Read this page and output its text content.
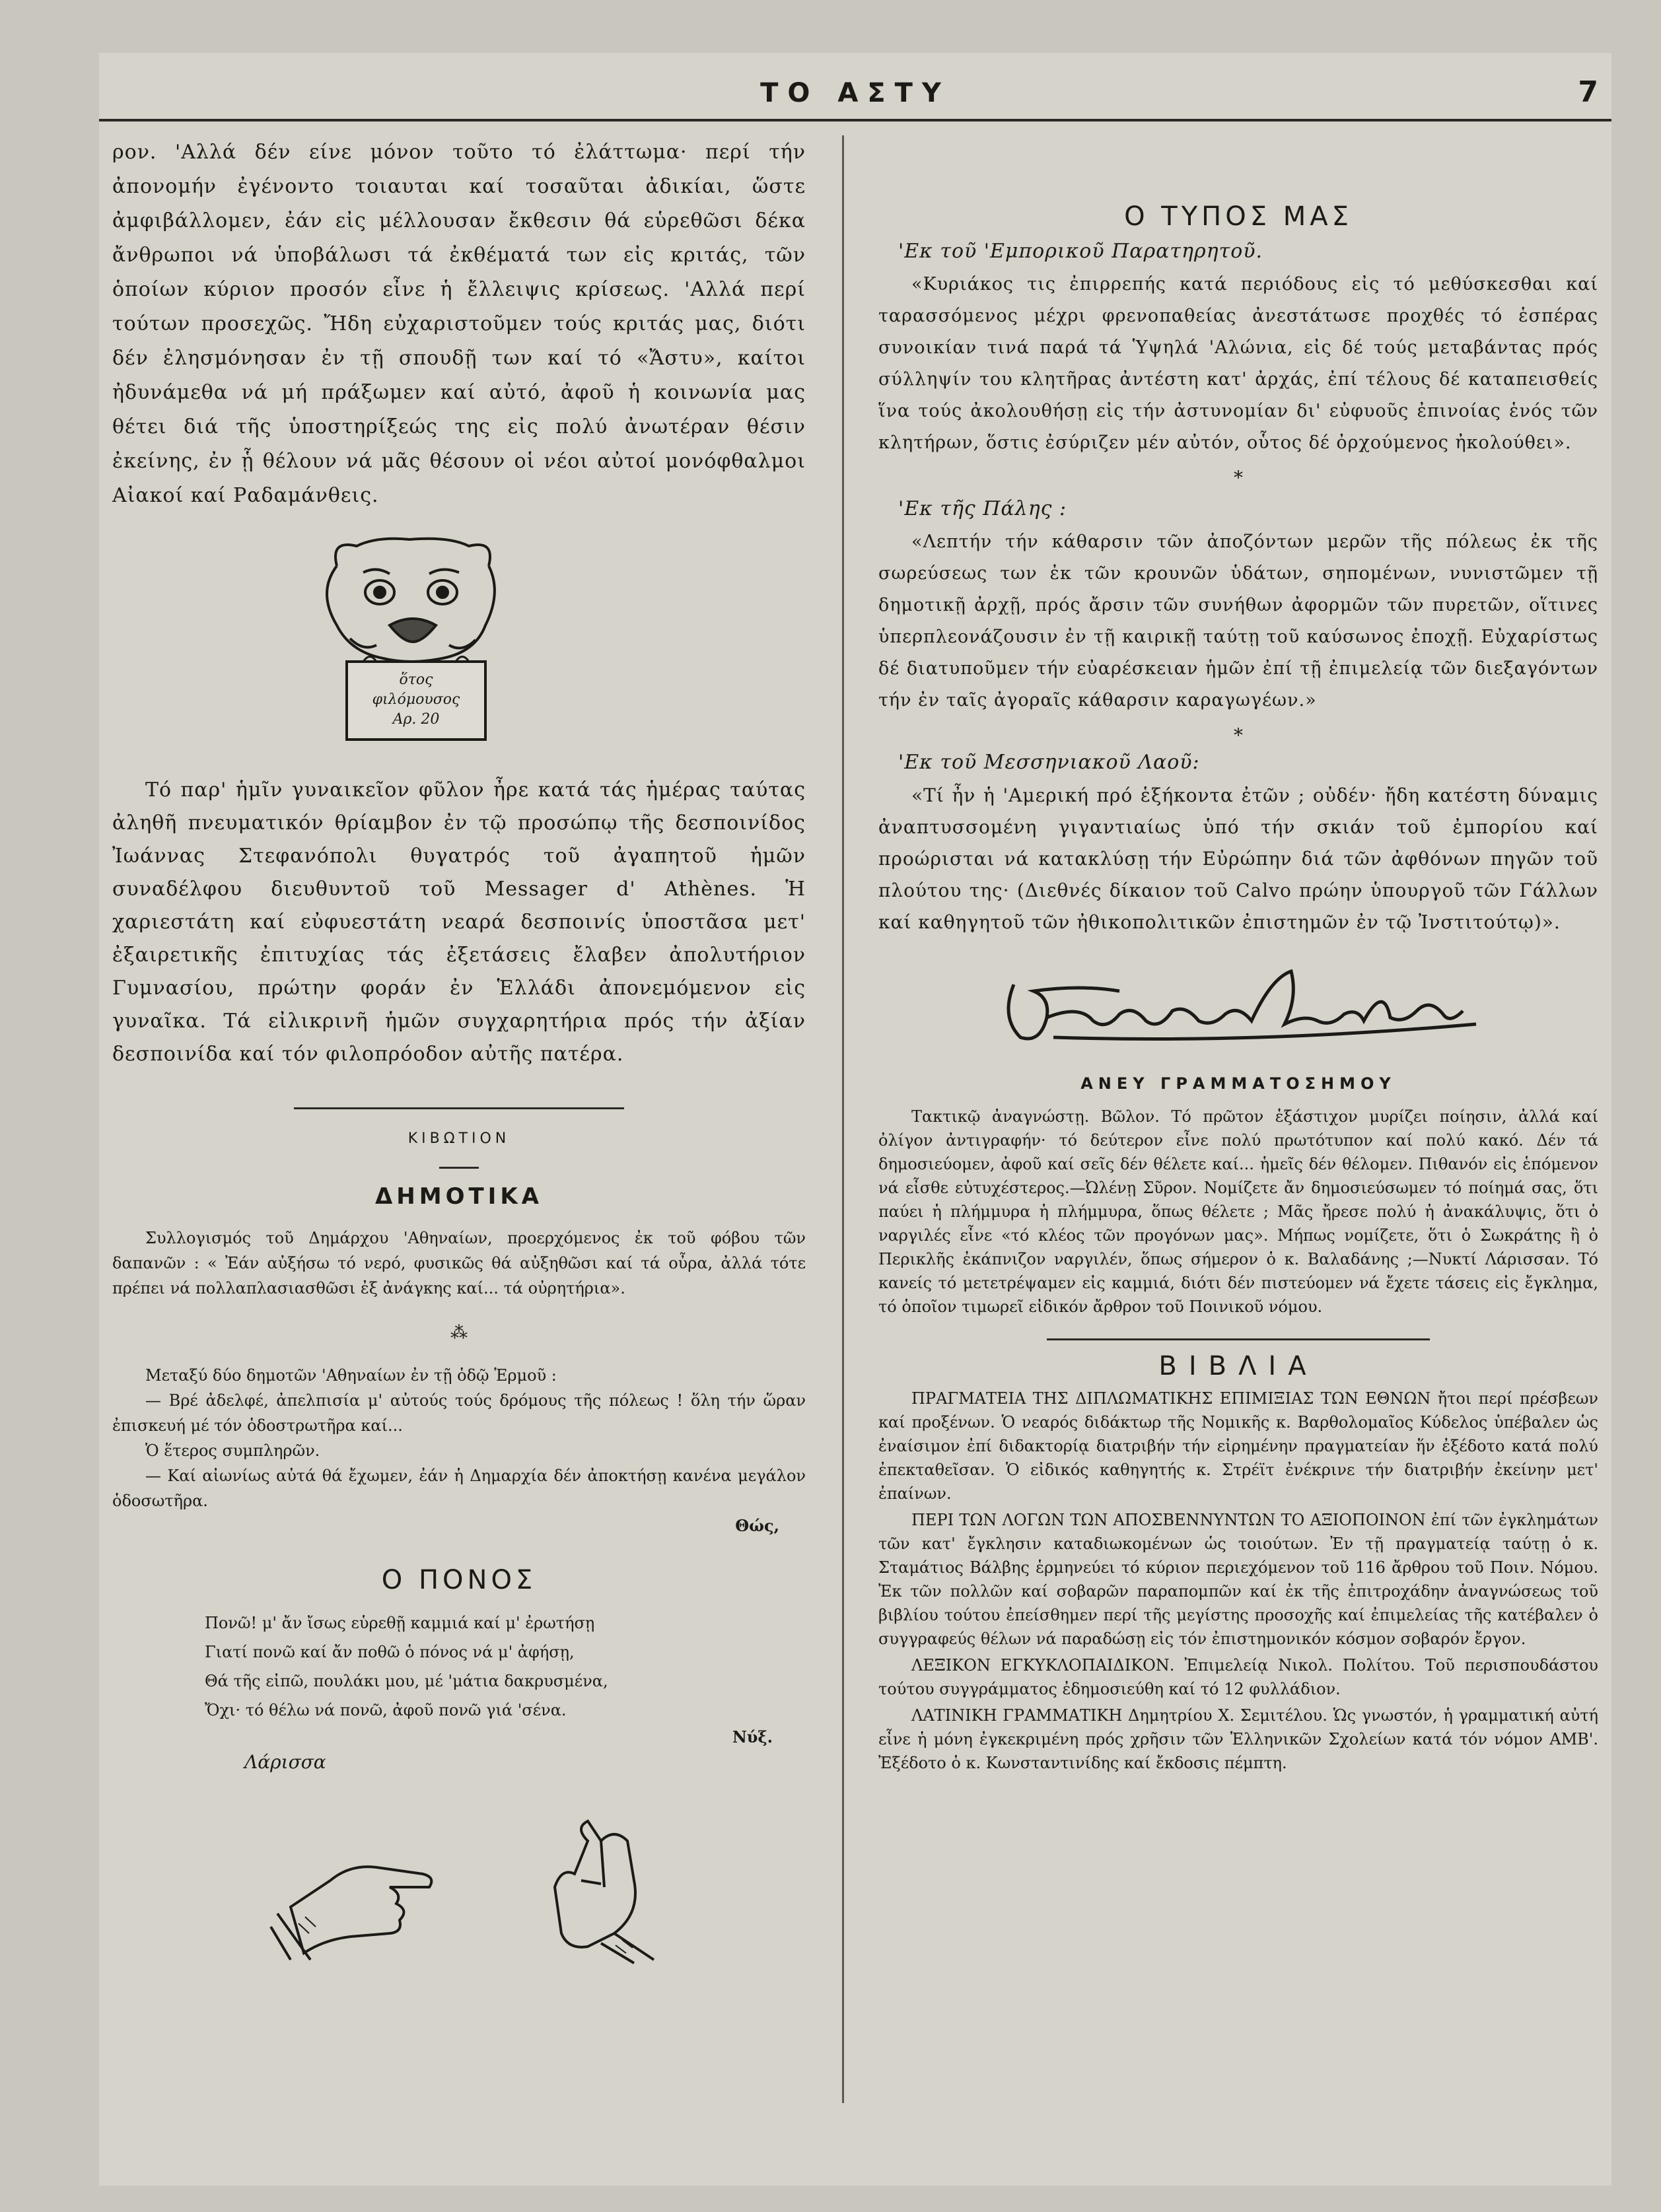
ΤΟ ΑΣΤΥ	7

ρον. 'Αλλά δέν είνε μόνον τοῦτο τό ἐλάττωμα· περί τήν ἀπονομήν ἐγένοντο τοιαυται καί τοσαῦται ἀδικίαι, ὥστε ἀμφιβάλλομεν, ἐάν εἰς μέλλουσαν ἔκθεσιν θά εὑρεθῶσι δέκα ἄνθρωποι νά ὑποβάλωσι τά ἐκθέματά των εἰς κριτάς, τῶν ὁποίων κύριον προσόν εἶνε ἡ ἔλλειψις κρίσεως. 'Αλλά περί τούτων προσεχῶς. Ἤδη εὐχαριστοῦμεν τούς κριτάς μας, διότι δέν ἐλησμόνησαν ἐν τῇ σπουδῇ των καί τό «Ἄστυ», καίτοι ἠδυνάμεθα νά μή πράξωμεν καί αὐτό, ἀφοῦ ἡ κοινωνία μας θέτει διά τῆς ὑποστηρίξεώς της εἰς πολύ ἀνωτέραν θέσιν ἐκείνης, ἐν ᾗ θέλουν νά μᾶς θέσουν οἱ νέοι αὐτοί μονόφθαλμοι Αἰακοί καί Ραδαμάνθεις.

ὅτος
φιλόμουσος
Αρ. 20

Τό παρ' ἡμῖν γυναικεῖον φῦλον ἦρε κατά τάς ἡμέρας ταύτας ἀληθῆ πνευματικόν θρίαμβον ἐν τῷ προσώπῳ τῆς δεσποινίδος Ἰωάννας Στεφανόπολι θυγατρός τοῦ ἀγαπητοῦ ἡμῶν συναδέλφου διευθυντοῦ τοῦ Messager d' Athènes. Ἡ χαριεστάτη καί εὐφυεστάτη νεαρά δεσποινίς ὑποστᾶσα μετ' ἐξαιρετικῆς ἐπιτυχίας τάς ἐξετάσεις ἔλαβεν ἀπολυτήριον Γυμνασίου, πρώτην φοράν ἐν Ἑλλάδι ἀπονεμόμενον εἰς γυναῖκα. Τά εἰλικρινῆ ἡμῶν συγχαρητήρια πρός τήν ἀξίαν δεσποινίδα καί τόν φιλοπρόοδον αὐτῆς πατέρα.

ΚΙΒΩΤΙΟΝ
ΔΗΜΟΤΙΚΑ

Συλλογισμός τοῦ Δημάρχου 'Αθηναίων, προερχόμενος ἐκ τοῦ φόβου τῶν δαπανῶν : « Ἐάν αὐξήσω τό νερό, φυσικῶς θά αὐξηθῶσι καί τά οὖρα, ἀλλά τότε πρέπει νά πολλαπλασιασθῶσι ἐξ ἀνάγκης καί... τά οὐρητήρια».

⁂

Μεταξύ δύο δημοτῶν 'Αθηναίων ἐν τῇ ὁδῷ Ἑρμοῦ :

— Βρέ ἀδελφέ, ἀπελπισία μ' αὐτούς τούς δρόμους τῆς πόλεως ! ὅλη τήν ὥραν ἐπισκευή μέ τόν ὁδοστρωτῆρα καί...

Ὁ ἕτερος συμπληρῶν.

— Καί αἰωνίως αὐτά θά ἔχωμεν, ἐάν ἡ Δημαρχία δέν ἀποκτήσῃ κανένα μεγάλον ὁδοσωτῆρα.

Θώς,

Ο ΠΟΝΟΣ

Πονῶ! μ' ἄν ἴσως εὑρεθῇ καμμιά καί μ' ἐρωτήσῃ

Γιατί πονῶ καί ἄν ποθῶ ὁ πόνος νά μ' ἀφήσῃ,

Θά τῆς εἰπῶ, πουλάκι μου, μέ 'μάτια δακρυσμένα,

Ὄχι· τό θέλω νά πονῶ, ἀφοῦ πονῶ γιά 'σένα.

Νύξ.

Λάρισσα

Ο ΤΥΠΟΣ ΜΑΣ

'Εκ τοῦ 'Εμπορικοῦ Παρατηρητοῦ.

«Κυριάκος τις ἐπιρρεπής κατά περιόδους εἰς τό μεθύσκεσθαι καί ταρασσόμενος μέχρι φρενοπαθείας ἀνεστάτωσε προχθές τό ἑσπέρας συνοικίαν τινά παρά τά Ὑψηλά 'Αλώνια, εἰς δέ τούς μεταβάντας πρός σύλληψίν του κλητῆρας ἀντέστη κατ' ἀρχάς, ἐπί τέλους δέ καταπεισθείς ἵνα τούς ἀκολουθήσῃ εἰς τήν ἀστυνομίαν δι' εὐφυοῦς ἐπινοίας ἑνός τῶν κλητήρων, ὅστις ἐσύριζεν μέν αὐτόν, οὗτος δέ ὀρχούμενος ἠκολούθει».

*

'Εκ τῆς Πάλης :

«Λεπτήν τήν κάθαρσιν τῶν ἀποζόντων μερῶν τῆς πόλεως ἐκ τῆς σωρεύσεως των ἐκ τῶν κρουνῶν ὑδάτων, σηπομένων, νυνιστῶμεν τῇ δημοτικῇ ἀρχῇ, πρός ἄρσιν τῶν συνήθων ἀφορμῶν τῶν πυρετῶν, οἵτινες ὑπερπλεονάζουσιν ἐν τῇ καιρικῇ ταύτῃ τοῦ καύσωνος ἐποχῇ. Εὐχαρίστως δέ διατυποῦμεν τήν εὐαρέσκειαν ἡμῶν ἐπί τῇ ἐπιμελείᾳ τῶν διεξαγόντων τήν ἐν ταῖς ἀγοραῖς κάθαρσιν καραγωγέων.»

*

'Εκ τοῦ Μεσσηνιακοῦ Λαοῦ:

«Τί ἦν ἡ 'Αμερική πρό ἑξήκοντα ἐτῶν ; οὐδέν· ἤδη κατέστη δύναμις ἀναπτυσσομένη γιγαντιαίως ὑπό τήν σκιάν τοῦ ἐμπορίου καί προώρισται νά κατακλύσῃ τήν Εὐρώπην διά τῶν ἀφθόνων πηγῶν τοῦ πλούτου της· (Διεθνές δίκαιον τοῦ Calvo πρώην ὑπουργοῦ τῶν Γάλλων καί καθηγητοῦ τῶν ἠθικοπολιτικῶν ἐπιστημῶν ἐν τῷ Ἰνστιτούτῳ)».

ΑΝΕΥ ΓΡΑΜΜΑΤΟΣΗΜΟΥ

Τακτικῷ ἀναγνώστῃ. Βῶλον. Τό πρῶτον ἑξάστιχον μυρίζει ποίησιν, ἀλλά καί ὀλίγον ἀντιγραφήν· τό δεύτερον εἶνε πολύ πρωτότυπον καί πολύ κακό. Δέν τά δημοσιεύομεν, ἀφοῦ καί σεῖς δέν θέλετε καί... ἡμεῖς δέν θέλομεν. Πιθανόν εἰς ἑπόμενον νά εἶσθε εὐτυχέστερος.—Ὠλένῃ Σῦρον. Νομίζετε ἄν δημοσιεύσωμεν τό ποίημά σας, ὅτι παύει ἡ πλήμμυρα ἡ πλήμμυρα, ὅπως θέλετε ; Μᾶς ἤρεσε πολύ ἡ ἀνακάλυψις, ὅτι ὁ ναργιλές εἶνε «τό κλέος τῶν προγόνων μας». Μήπως νομίζετε, ὅτι ὁ Σωκράτης ἢ ὁ Περικλῆς ἐκάπνιζον ναργιλέν, ὅπως σήμερον ὁ κ. Βαλαδάνης ;—Νυκτί Λάρισσαν. Τό κανείς τό μετετρέψαμεν εἰς καμμιά, διότι δέν πιστεύομεν νά ἔχετε τάσεις εἰς ἔγκλημα, τό ὁποῖον τιμωρεῖ εἰδικόν ἄρθρον τοῦ Ποινικοῦ νόμου.

ΒΙΒΛΙΑ

ΠΡΑΓΜΑΤΕΙΑ ΤΗΣ ΔΙΠΛΩΜΑΤΙΚΗΣ ΕΠΙΜΙΞΙΑΣ ΤΩΝ ΕΘΝΩΝ ἤτοι περί πρέσβεων καί προξένων. Ὁ νεαρός διδάκτωρ τῆς Νομικῆς κ. Βαρθολομαῖος Κύδελος ὑπέβαλεν ὡς ἐναίσιμον ἐπί διδακτορίᾳ διατριβήν τήν εἰρημένην πραγματείαν ἥν ἐξέδοτο κατά πολύ ἐπεκταθεῖσαν. Ὁ εἰδικός καθηγητής κ. Στρέϊτ ἐνέκρινε τήν διατριβήν ἐκείνην μετ' ἐπαίνων.

ΠΕΡΙ ΤΩΝ ΛΟΓΩΝ ΤΩΝ ΑΠΟΣΒΕΝΝΥΝΤΩΝ ΤΟ ΑΞΙΟΠΟΙΝΟΝ ἐπί τῶν ἐγκλημάτων τῶν κατ' ἔγκλησιν καταδιωκομένων ὡς τοιούτων. Ἐν τῇ πραγματείᾳ ταύτῃ ὁ κ. Σταμάτιος Βάλβης ἑρμηνεύει τό κύριον περιεχόμενον τοῦ 116 ἄρθρου τοῦ Ποιν. Νόμου. Ἐκ τῶν πολλῶν καί σοβαρῶν παραπομπῶν καί ἐκ τῆς ἐπιτροχάδην ἀναγνώσεως τοῦ βιβλίου τούτου ἐπείσθημεν περί τῆς μεγίστης προσοχῆς καί ἐπιμελείας τῆς κατέβαλεν ὁ συγγραφεύς θέλων νά παραδώσῃ εἰς τόν ἐπιστημονικόν κόσμον σοβαρόν ἔργον.

ΛΕΞΙΚΟΝ ΕΓΚΥΚΛΟΠΑΙΔΙΚΟΝ. Ἐπιμελείᾳ Νικολ. Πολίτου. Τοῦ περισπουδάστου τούτου συγγράμματος ἐδημοσιεύθη καί τό 12 φυλλάδιον.

ΛΑΤΙΝΙΚΗ ΓΡΑΜΜΑΤΙΚΗ Δημητρίου Χ. Σεμιτέλου. Ὡς γνωστόν, ἡ γραμματική αὐτή εἶνε ἡ μόνη ἐγκεκριμένη πρός χρῆσιν τῶν Ἑλληνικῶν Σχολείων κατά τόν νόμον ΑΜΒ'. Ἐξέδοτο ὁ κ. Κωνσταντινίδης καί ἔκδοσις πέμπτη.
